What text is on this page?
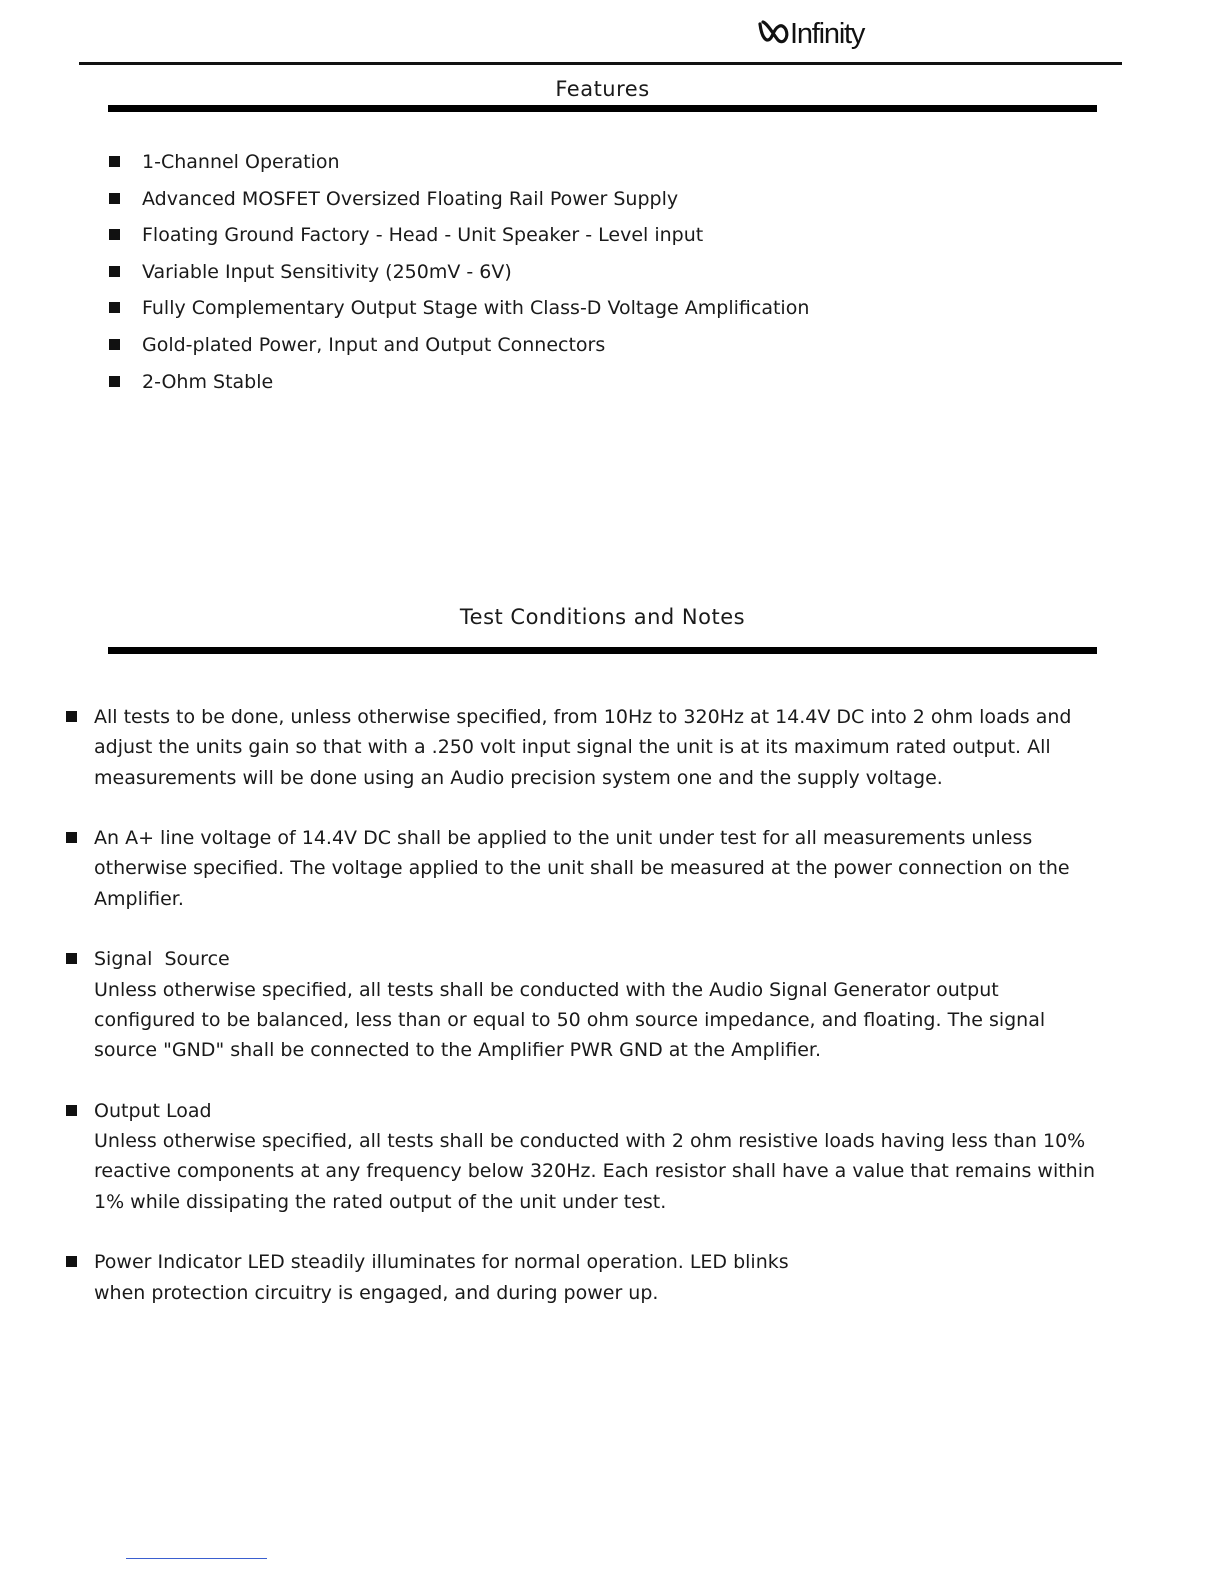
Infinity
Features
1-Channel Operation
Advanced MOSFET Oversized Floating Rail Power Supply
Floating Ground Factory - Head - Unit Speaker - Level input
Variable Input Sensitivity (250mV - 6V)
Fully Complementary Output Stage with Class-D Voltage Amplification
Gold-plated Power, Input and Output Connectors
2-Ohm Stable
Test Conditions and Notes

All tests to be done, unless otherwise specified, from 10Hz to 320Hz at 14.4V DC into 2 ohm loads and adjust the units gain so that with a .250 volt input signal the unit is at its maximum rated output. All measurements will be done using an Audio precision system one and the supply voltage.

An A+ line voltage of 14.4V DC shall be applied to the unit under test for all measurements unless otherwise specified. The voltage applied to the unit shall be measured at the power connection on the Amplifier.

Signal  Source

Unless otherwise specified, all tests shall be conducted with the Audio Signal Generator output configured to be balanced, less than or equal to 50 ohm source impedance, and floating. The signal source "GND" shall be connected to the Amplifier PWR GND at the Amplifier.

Output Load

Unless otherwise specified, all tests shall be conducted with 2 ohm resistive loads having less than 10% reactive components at any frequency below 320Hz. Each resistor shall have a value that remains within 1% while dissipating the rated output of the unit under test.

Power Indicator LED steadily illuminates for normal operation. LED blinks when protection circuitry is engaged, and during power up.
